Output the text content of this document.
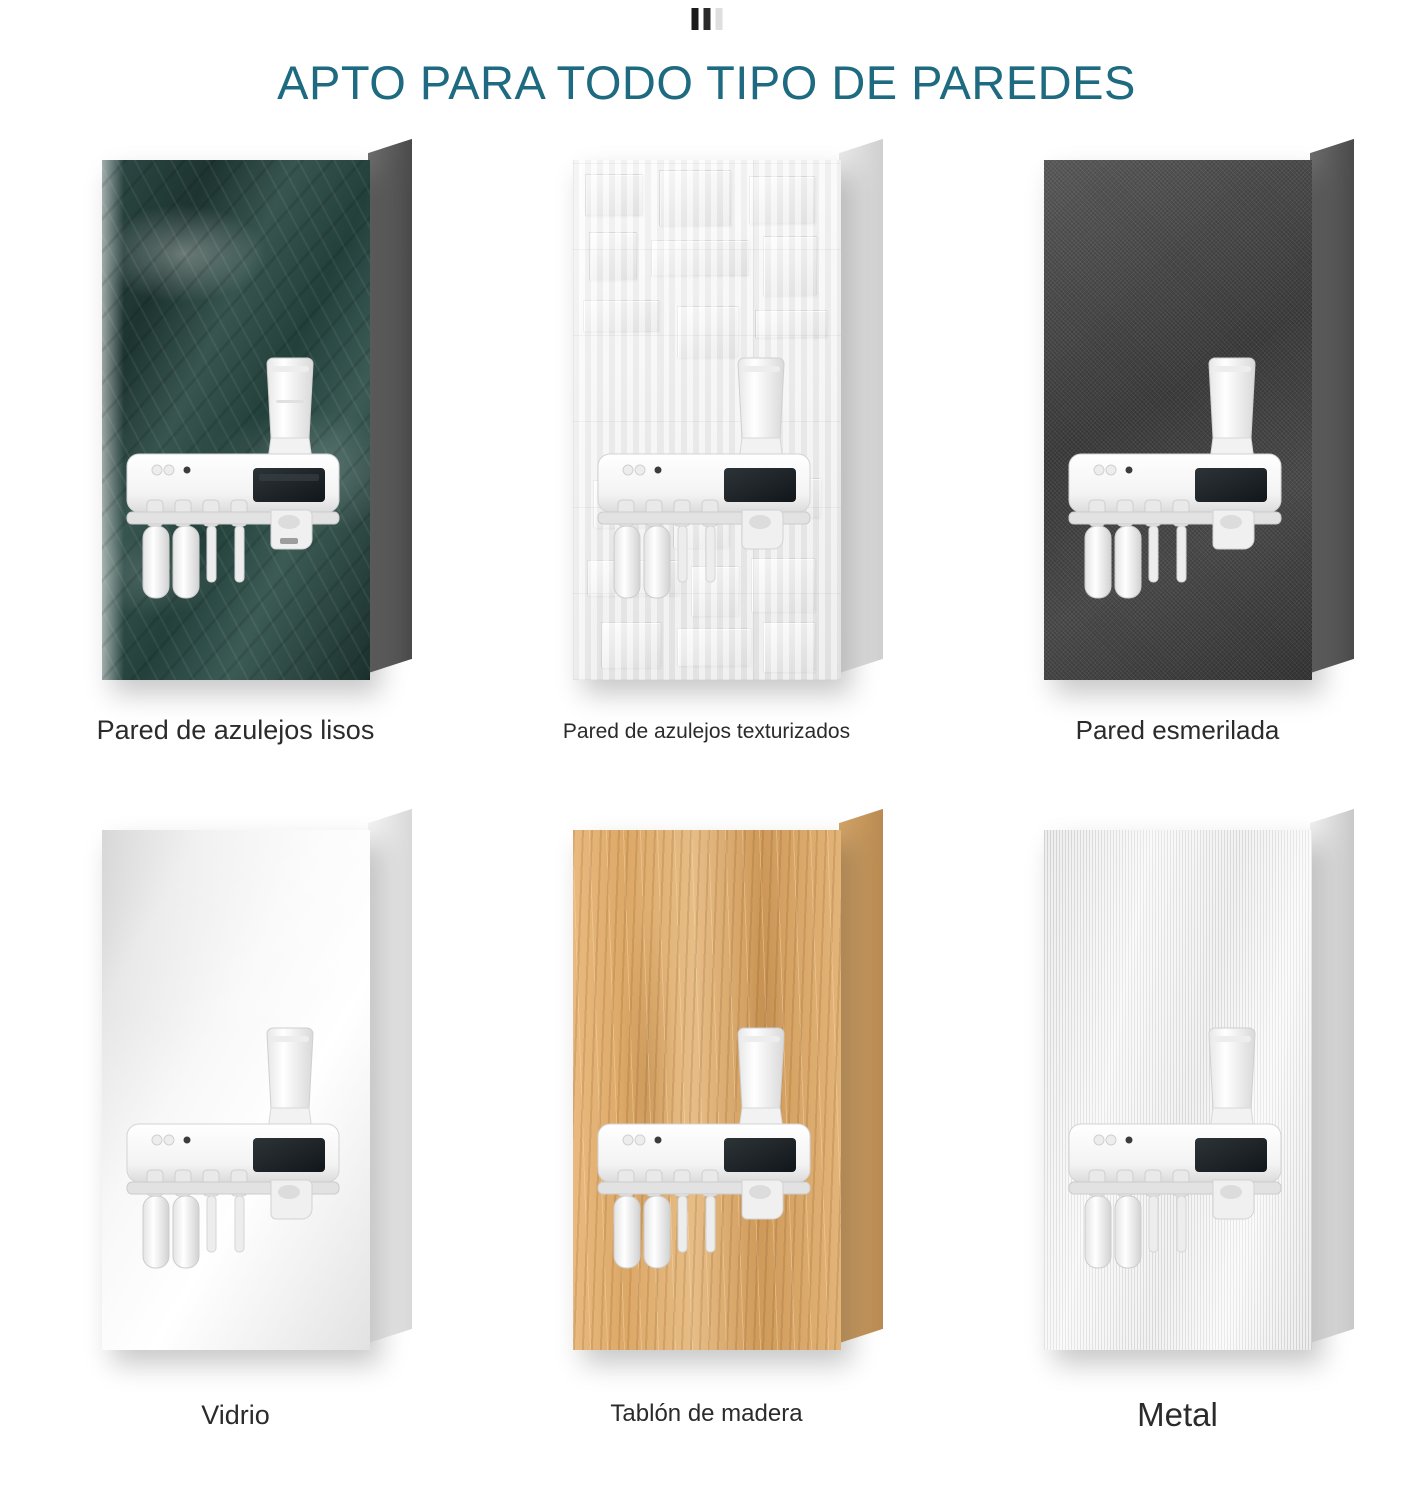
APTO PARA TODO TIPO DE PAREDES
Pared de azulejos lisos	Pared de azulejos texturizados	Pared esmerilada
Vidrio	Tablón de madera	Metal
